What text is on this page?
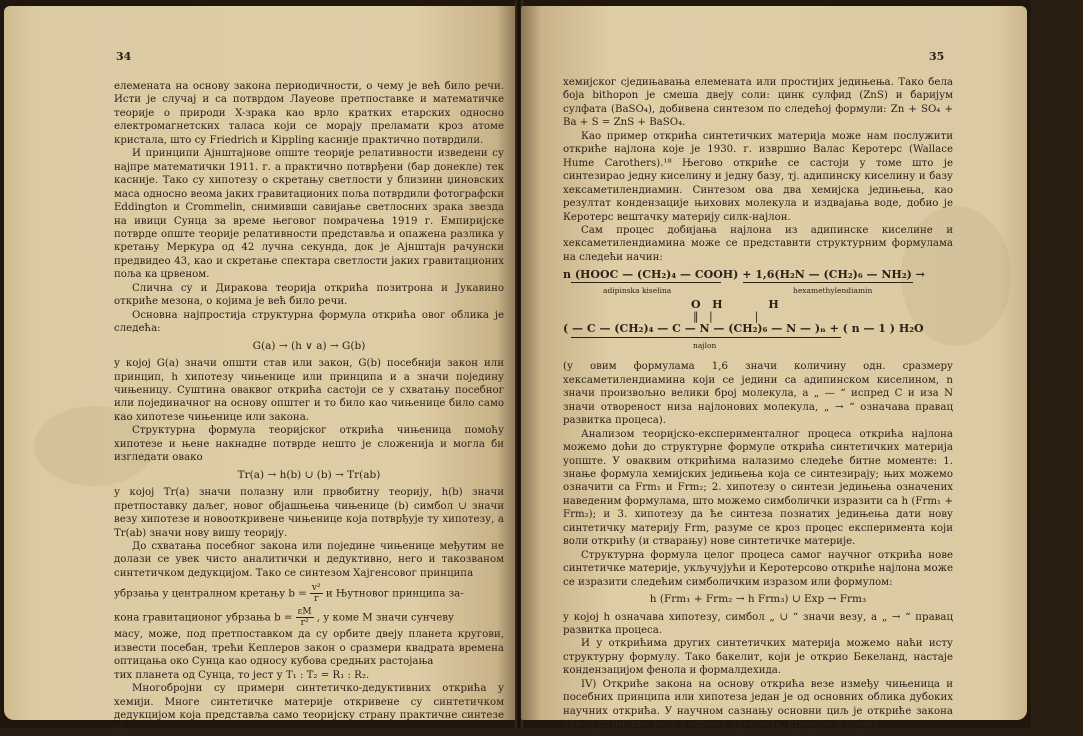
34

елемената на основу закона периодичности, о чему је већ било речи. Исти је случај и са потврдом Лауеове претпоставке и математичке теорије о природи X-зрака као врло кратких етарских односно електромагнетских таласа који се морају преламати кроз атоме кристала, што су Friedrich и Kippling касније практично потврдили.

И принципи Ајнштајнове опште теорије релативности изведени су најпре математички 1911. г. а практично потврђени (бар донекле) тек касније. Тако су хипотезу о скретању светлости у близини џиновских маса односно веома јаких гравитационих поља потврдили фотографски Eddington и Crommelin, снимивши савијање светлосних зрака звезда на ивици Сунца за време његовог помрачења 1919 г. Емпиријске потврде опште теорије релативности представља и опажена разлика у кретању Меркура од 42 лучна секунда, док је Ајнштајн рачунски предвидео 43, као и скретање спектара светлости јаких гравитационих поља ка црвеном.

Слична су и Диракова теорија открића позитрона и Јукавино откриће мезона, о којима је већ било речи.

Основна најпростија структурна формула открића овог облика је следећа:

G(a) → (h ∨ a) → G(b)

у којој G(a) значи општи став или закон, G(b) посебнији закон или принцип, h хипотезу чињенице или принципа и а значи поједину чињеницу. Суштина оваквог открића састоји се у схватању посебног или појединачног на основу општег и то било као чињенице било само као хипотезе чињенице или закона.

Структурна формула теоријског открића чињеница помоћу хипотезе и њене накнадне потврде нешто је сложенија и могла би изгледати овако

Tr(a) → h(b) ∪ (b) → Tr(ab)

у којој Tr(a) значи полазну или првобитну теорију, h(b) значи претпоставку даљег, новог објашњења чињенице (b) симбол ∪ значи везу хипотезе и новооткривене чињенице која потврђује ту хипотезу, а Tr(ab) значи нову вишу теорију.

До схватања посебног закона или поједине чињенице међутим не долази се увек чисто аналитички и дедуктивно, него и такозваном синтетичком дедукцијом. Тако се синтезом Хајгенсовог принципа

убрзања у централном кретању $b = \frac{\text{v²}}{r}$ и Њутновог принципа за-

кона гравитационог убрзања $b = \frac{\varepsilon M}{\text{r²}}$ , у коме M значи сунчеву

масу, може, под претпоставком да су орбите двеју планета кругови, извести посебан, трећи Кеплеров закон о сразмери квадрата времена оптицања око Сунца као односу кубова средњих растојања

тих планета од Сунца, то јест у T₁ : T₂ = R₁ : R₂.

Многобројни су примери синтетичко-дедуктивних открића у хемији. Многе синтетичке материје откривене су синтетичком дедукцијом која представља само теоријску страну практичне синтезе тј.

35

хемијског сједињавања елемената или простијих једињења. Тако бела боја bithopon је смеша двеју соли: цинк сулфид (ZnS) и баријум сулфата (BaSO₄), добивена синтезом по следећој формули: Zn + SO₄ + Ba + S = ZnS + BaSO₄.

Као пример открића синтетичких материја може нам послужити откриће најлона које је 1930. г. извршио Валас Керотерс (Wallace Hume Carothers).¹⁸ Његово откриће се састоји у томе што је синтезирао једну киселину и једну базу, тј. адипинску киселину и базу хексаметилендиамин. Синтезом ова два хемијска једињења, као резултат кондензације њихових молекула и издвајања воде, добио је Керотерс вештачку материју силк-најлон.

Сам процес добијања најлона из адипинске киселине и хексаметилендиамина може се представити структурним формулама на следећи начин:

n (HOOC — (CH₂)₄ — COOH) + 1,6(H₂N — (CH₂)₆ — NH₂) →
adipinska kiselina	hexamethylendiamin
O   H            H
‖   |            |
( — C — (CH₂)₄ — C — N — (CH₂)₆ — N — )ₙ + ( n — 1 ) H₂O
najlon

(у овим формулама 1,6 значи количину одн. сразмеру хексаметилендиамина који се једини са адипинском киселином, n значи произвољно велики број молекула, а „ — “ испред C и иза N значи отвореност низа најлонових молекула, „ → “ означава правац развитка процеса).

Анализом теоријско-експерименталног процеса открића најлона можемо доћи до структурне формуле открића синтетичких материја уопште. У оваквим открићима налазимо следеће битне моменте: 1. знање формула хемијских једињења која се синтезирају; њих можемо означити са Frm₁ и Frm₂; 2. хипотезу о синтези једињења означених наведеним формулама, што можемо симболички изразити са h (Frm₁ + Frm₂); и 3. хипотезу да ће синтеза познатих једињења дати нову синтетичку материју Frm, разуме се кроз процес експеримента који воли открићу (и стварању) нове синтетичке материје.

Структурна формула целог процеса самог научног открића нове синтетичке материје, укључујући и Керотерсово откриће најлона може се изразити следећим симболичким изразом или формулом:

h (Frm₁ + Frm₂ → h Frm₃) ∪ Exp → Frm₃

у којој h означава хипотезу, симбол „ ∪ “ значи везу, а „ → “ правац развитка процеса.

И у открићима других синтетичких материја можемо наћи исту структурну формулу. Тако бакелит, који је открио Бекеланд, настаје кондензацијом фенола и формалдехида.

IV) Откриће закона на основу открића везе између чињеница и посебних принципа или хипотеза један је од основних облика дубоких научних открића. У научном сазнању основни циљ је откриће закона као суштинских веза и односа предмета, процеса и појава,
